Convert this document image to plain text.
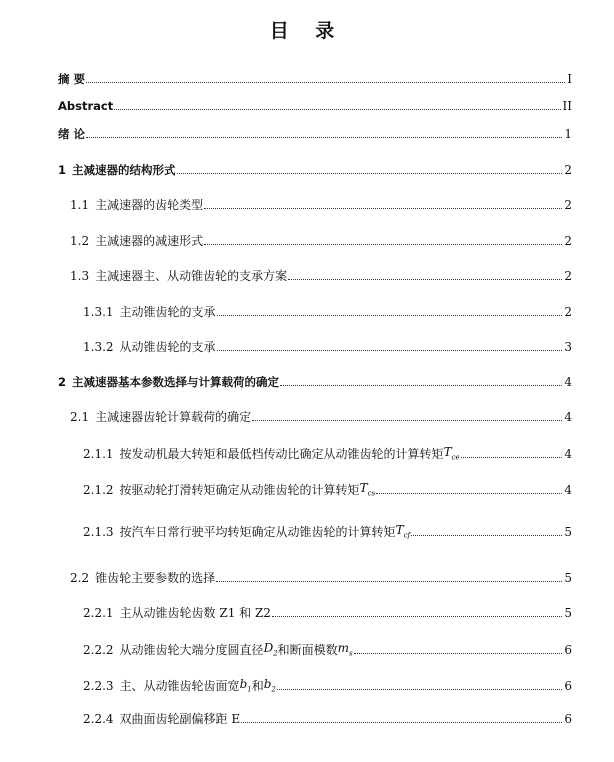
目 录
摘 要	I
Abstract	II
绪 论	1
1 主减速器的结构形式	2
1.1 主减速器的齿轮类型	2
1.2 主减速器的减速形式	2
1.3 主减速器主、从动锥齿轮的支承方案	2
1.3.1 主动锥齿轮的支承	2
1.3.2 从动锥齿轮的支承	3
2 主减速器基本参数选择与计算载荷的确定	4
2.1 主减速器齿轮计算载荷的确定	4
2.1.1 按发动机最大转矩和最低档传动比确定从动锥齿轮的计算转矩 $T_{ce}$	4
2.1.2 按驱动轮打滑转矩确定从动锥齿轮的计算转矩 $T_{cs}$	4
2.1.3 按汽车日常行驶平均转矩确定从动锥齿轮的计算转矩 $T_{cf}$	5
2.2 锥齿轮主要参数的选择	5
2.2.1 主从动锥齿轮齿数 Z1 和 Z2	5
2.2.2 从动锥齿轮大端分度圆直径 $D_2$ 和断面模数 $m_s$	6
2.2.3 主、从动锥齿轮齿面宽 $b_1$ 和 $b_2$	6
2.2.4 双曲面齿轮副偏移距 E	6
